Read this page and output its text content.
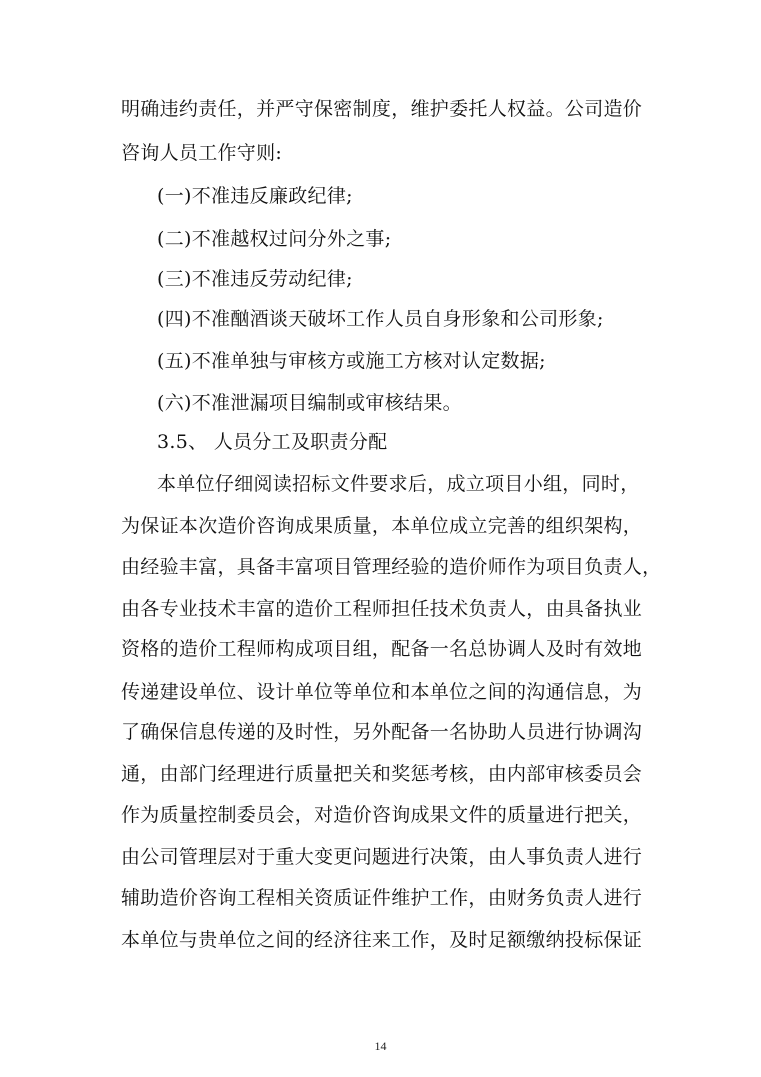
明确违约责任，并严守保密制度，维护委托人权益。公司造价
咨询人员工作守则:
(一)不准违反廉政纪律;
(二)不准越权过问分外之事;
(三)不准违反劳动纪律;
(四)不准酗酒谈天破坏工作人员自身形象和公司形象;
(五)不准单独与审核方或施工方核对认定数据;
(六)不准泄漏项目编制或审核结果。
3.5、 人员分工及职责分配
本单位仔细阅读招标文件要求后，成立项目小组，同时，
为保证本次造价咨询成果质量，本单位成立完善的组织架构，
由经验丰富，具备丰富项目管理经验的造价师作为项目负责人，
由各专业技术丰富的造价工程师担任技术负责人，由具备执业
资格的造价工程师构成项目组，配备一名总协调人及时有效地
传递建设单位、设计单位等单位和本单位之间的沟通信息，为
了确保信息传递的及时性，另外配备一名协助人员进行协调沟
通，由部门经理进行质量把关和奖惩考核，由内部审核委员会
作为质量控制委员会，对造价咨询成果文件的质量进行把关，
由公司管理层对于重大变更问题进行决策，由人事负责人进行
辅助造价咨询工程相关资质证件维护工作，由财务负责人进行
本单位与贵单位之间的经济往来工作，及时足额缴纳投标保证
14
